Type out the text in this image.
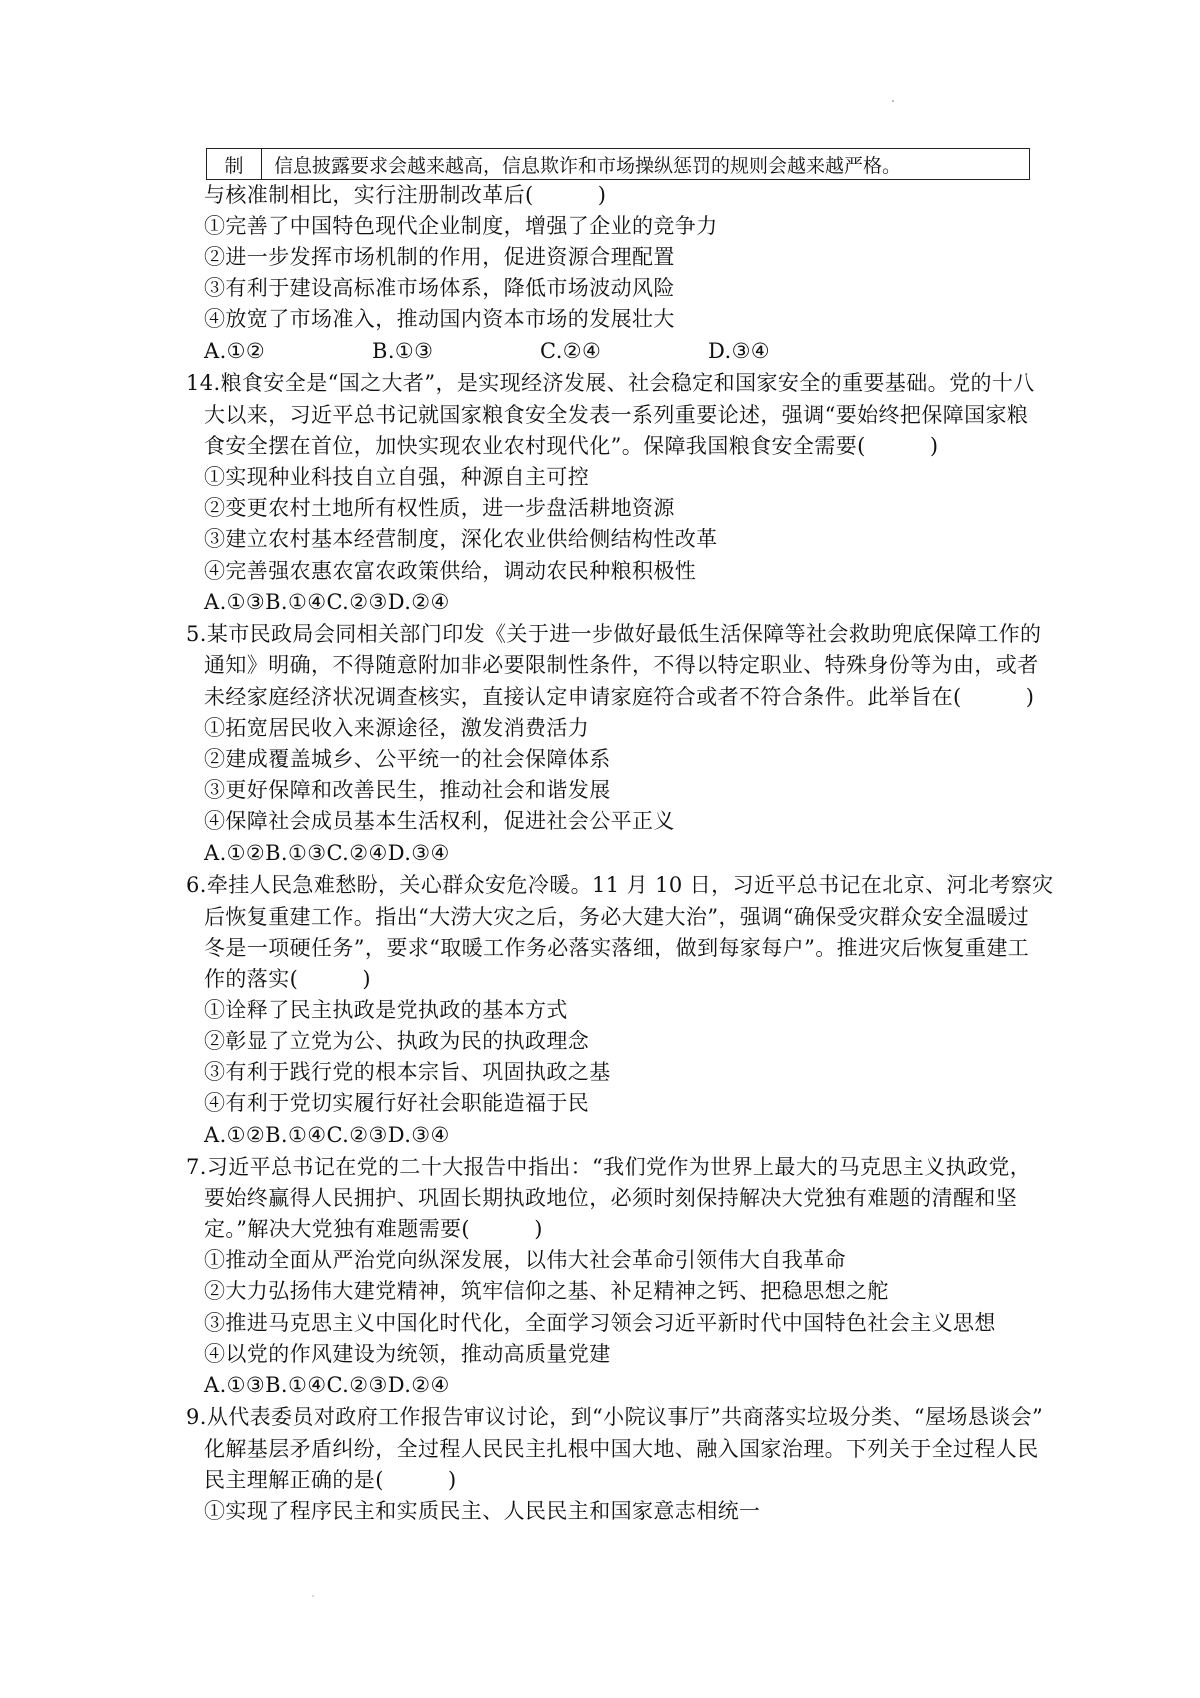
制	信息披露要求会越来越高，信息欺诈和市场操纵惩罚的规则会越来越严格。
与核准制相比，实行注册制改革后(　　　)
①完善了中国特色现代企业制度，增强了企业的竞争力
②进一步发挥市场机制的作用，促进资源合理配置
③有利于建设高标准市场体系，降低市场波动风险
④放宽了市场准入，推动国内资本市场的发展壮大
A.①②	B.①③	C.②④	D.③④
14.粮食安全是“国之大者”，是实现经济发展、社会稳定和国家安全的重要基础。党的十八
大以来，习近平总书记就国家粮食安全发表一系列重要论述，强调“要始终把保障国家粮
食安全摆在首位，加快实现农业农村现代化”。保障我国粮食安全需要(　　　)
①实现种业科技自立自强，种源自主可控
②变更农村土地所有权性质，进一步盘活耕地资源
③建立农村基本经营制度，深化农业供给侧结构性改革
④完善强农惠农富农政策供给，调动农民种粮积极性
A.①③B.①④C.②③D.②④
5.某市民政局会同相关部门印发《关于进一步做好最低生活保障等社会救助兜底保障工作的
通知》明确，不得随意附加非必要限制性条件，不得以特定职业、特殊身份等为由，或者
未经家庭经济状况调查核实，直接认定申请家庭符合或者不符合条件。此举旨在(　　　)
①拓宽居民收入来源途径，激发消费活力
②建成覆盖城乡、公平统一的社会保障体系
③更好保障和改善民生，推动社会和谐发展
④保障社会成员基本生活权利，促进社会公平正义
A.①②B.①③C.②④D.③④
6.牵挂人民急难愁盼，关心群众安危冷暖。11 月 10 日，习近平总书记在北京、河北考察灾
后恢复重建工作。指出“大涝大灾之后，务必大建大治”，强调“确保受灾群众安全温暖过
冬是一项硬任务”，要求“取暖工作务必落实落细，做到每家每户”。推进灾后恢复重建工
作的落实(　　　)
①诠释了民主执政是党执政的基本方式
②彰显了立党为公、执政为民的执政理念
③有利于践行党的根本宗旨、巩固执政之基
④有利于党切实履行好社会职能造福于民
A.①②B.①④C.②③D.③④
7.习近平总书记在党的二十大报告中指出：“我们党作为世界上最大的马克思主义执政党，
要始终赢得人民拥护、巩固长期执政地位，必须时刻保持解决大党独有难题的清醒和坚
定。”解决大党独有难题需要(　　　)
①推动全面从严治党向纵深发展，以伟大社会革命引领伟大自我革命
②大力弘扬伟大建党精神，筑牢信仰之基、补足精神之钙、把稳思想之舵
③推进马克思主义中国化时代化，全面学习领会习近平新时代中国特色社会主义思想
④以党的作风建设为统领，推动高质量党建
A.①③B.①④C.②③D.②④
9.从代表委员对政府工作报告审议讨论，到“小院议事厅”共商落实垃圾分类、“屋场恳谈会”
化解基层矛盾纠纷，全过程人民民主扎根中国大地、融入国家治理。下列关于全过程人民
民主理解正确的是(　　　)
①实现了程序民主和实质民主、人民民主和国家意志相统一
